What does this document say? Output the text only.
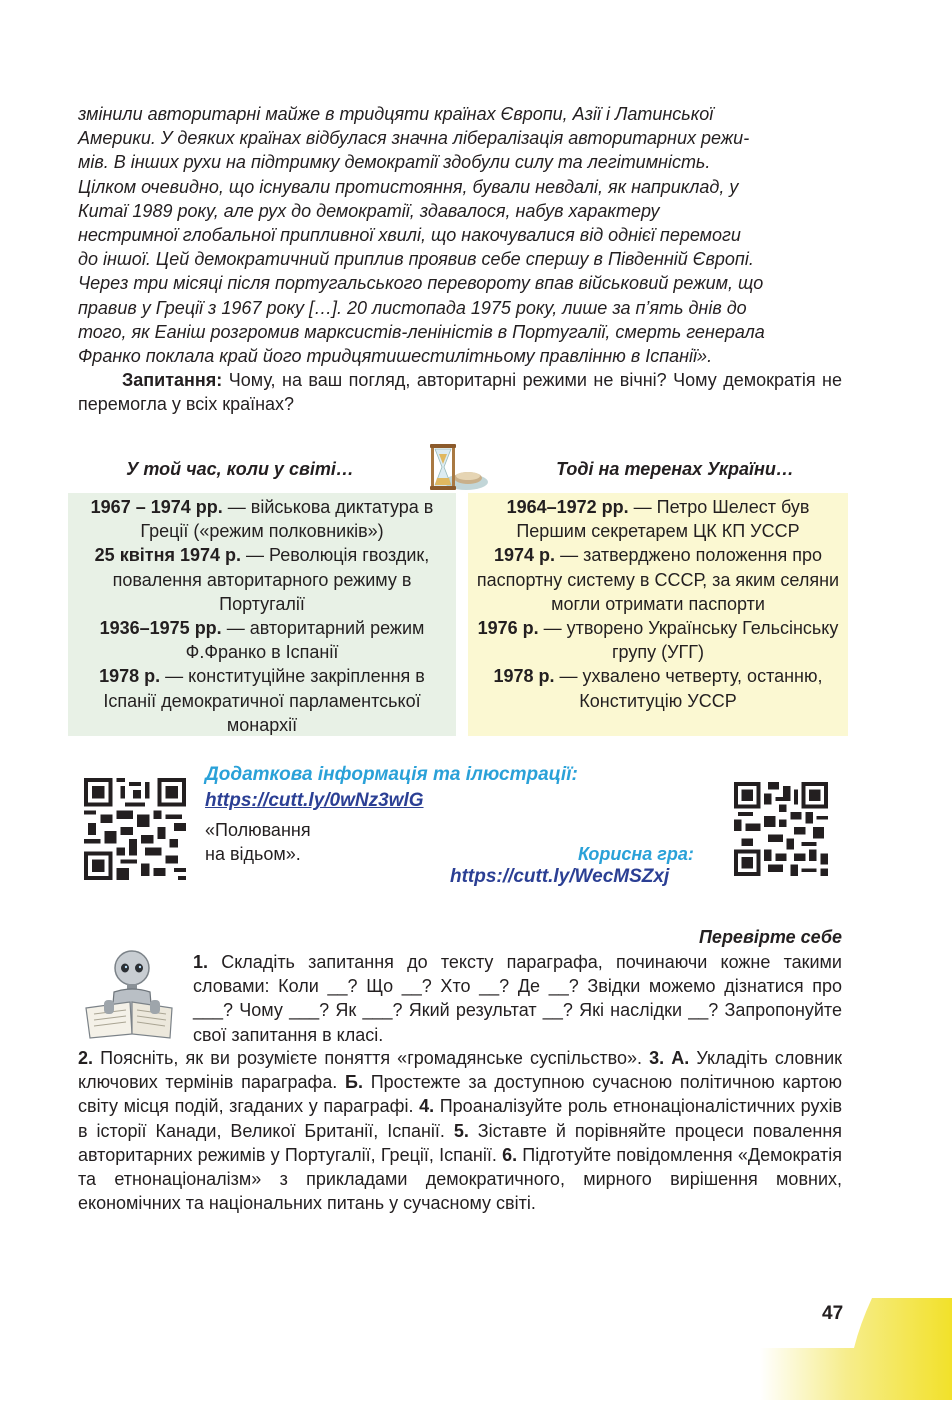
змінили авторитарні майже в тридцяти країнах Європи, Азії і Латинської

Америки. У деяких країнах відбулася значна лібералізація авторитарних режи-

мів. В інших рухи на підтримку демократії здобули силу та легітимність.

Цілком очевидно, що існували протистояння, бували невдалі, як наприклад, у

Китаї 1989 року, але рух до демократії, здавалося, набув характеру

нестримної глобальної припливної хвилі, що накочувалися від однієї перемоги

до іншої. Цей демократичний приплив проявив себе спершу в Південній Європі.

Через три місяці після португальського перевороту впав військовий режим, що

правив у Греції з 1967 року […]. 20 листопада 1975 року, лише за п’ять днів до

того, як Еаніш розгромив марксистів-леніністів в Португалії, смерть генерала

Франко поклала край його тридцятишестилітньому правлінню в Іспанії».

Запитання: Чому, на ваш погляд, авторитарні режими не вічні? Чому демократія не перемогла у всіх країнах?
У той час, коли у світі…	Тоді на теренах України…

1967 – 1974 рр. — військова диктатура в Греції («режим полковників»)

25 квітня 1974 р. — Революція гвоздик, повалення авторитарного режиму в Португалії

1936–1975 рр. — авторитарний режим Ф.Франко в Іспанії

1978 р. — конституційне закріплення в Іспанії демократичної парламентської монархії

1964–1972 рр. — Петро Шелест був Першим секретарем ЦК КП УССР

1974 р. — затверджено положення про паспортну систему в СССР, за яким селяни могли отримати паспорти

1976 р. — утворено Українську Гельсінську групу (УГГ)

1978 р. — ухвалено четверту, останню, Конституцію УССР

Додаткова інформація та ілюстрації:
https://cutt.ly/0wNz3wlG
«Полювання
на відьом».	Корисна гра:
https://cutt.ly/WecMSZxj
Перевірте себе
1. Складіть запитання до тексту параграфа, починаючи кожне такими словами: Коли __? Що __? Хто __? Де __? Звідки можемо дізнатися про ___? Чому ___? Як ___? Який результат __? Які наслідки __? Запропонуйте свої запитання в класі.
2. Поясніть, як ви розумієте поняття «громадянське суспільство». 3. А. Укладіть словник ключових термінів параграфа. Б. Простежте за доступною сучасною політичною картою світу місця подій, згаданих у параграфі. 4. Проаналізуйте роль етнонаціоналістичних рухів в історії Канади, Великої Британії, Іспанії. 5. Зіставте й порівняйте процеси повалення авторитарних режимів у Португалії, Греції, Іспанії. 6. Підготуйте повідомлення «Демократія та етнонаціоналізм» з прикладами демократичного, мирного вирішення мовних, економічних та національних питань у сучасному світі.
47
